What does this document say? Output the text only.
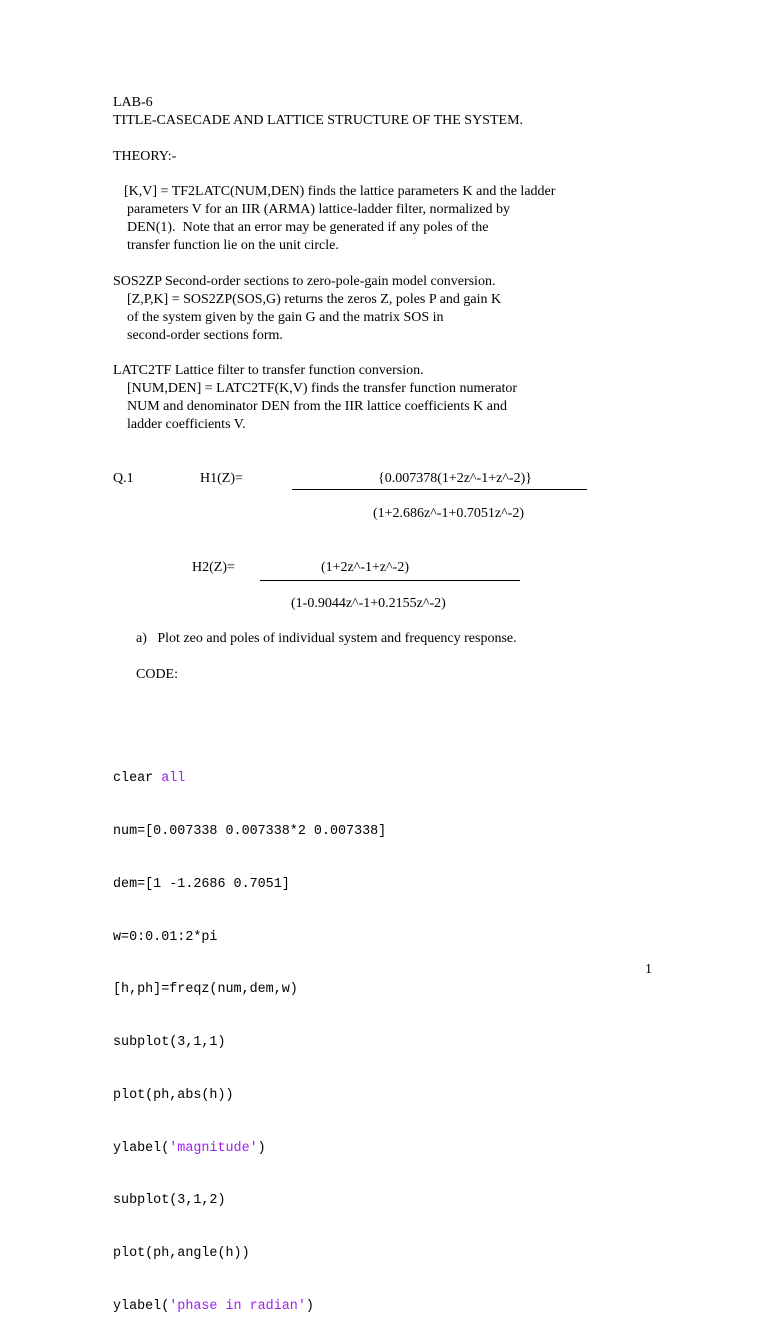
LAB-6
TITLE-CASECADE AND LATTICE STRUCTURE OF THE SYSTEM.
THEORY:-
[K,V] = TF2LATC(NUM,DEN) finds the lattice parameters K and the ladder
parameters V for an IIR (ARMA) lattice-ladder filter, normalized by
DEN(1).  Note that an error may be generated if any poles of the
transfer function lie on the unit circle.
SOS2ZP Second-order sections to zero-pole-gain model conversion.
[Z,P,K] = SOS2ZP(SOS,G) returns the zeros Z, poles P and gain K
of the system given by the gain G and the matrix SOS in
second-order sections form.
LATC2TF Lattice filter to transfer function conversion.
[NUM,DEN] = LATC2TF(K,V) finds the transfer function numerator
NUM and denominator DEN from the IIR lattice coefficients K and
ladder coefficients V.
Q.1	H1(Z)=	{0.007378(1+2z^-1+z^-2)}
(1+2.686z^-1+0.7051z^-2)
H2(Z)=	(1+2z^-1+z^-2)
(1-0.9044z^-1+0.2155z^-2)
a)   Plot zeo and poles of individual system and frequency response.
CODE:

clear all

num=[0.007338 0.007338*2 0.007338]

dem=[1 -1.2686 0.7051]

w=0:0.01:2*pi

[h,ph]=freqz(num,dem,w)

subplot(3,1,1)

plot(ph,abs(h))

ylabel('magnitude')

subplot(3,1,2)

plot(ph,angle(h))

ylabel('phase in radian')

1
